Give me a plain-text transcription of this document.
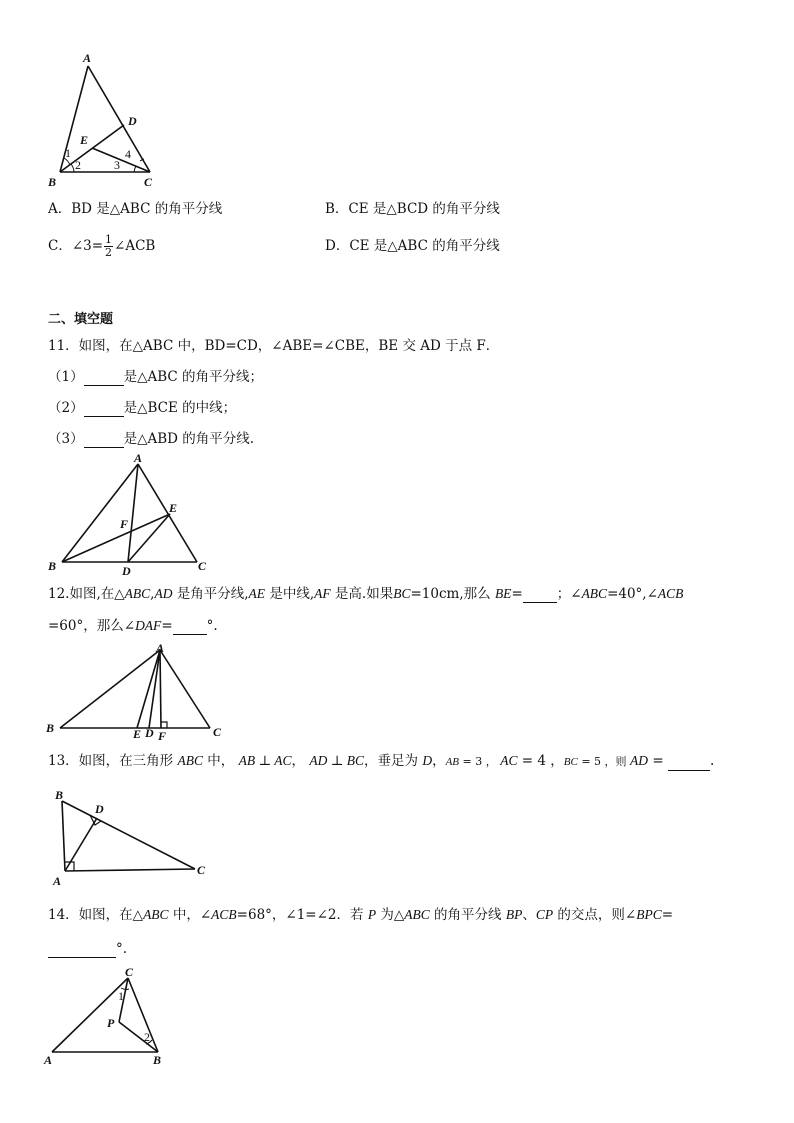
A
B	C
D
E
1
2	3
4
A．BD 是△ABC 的角平分线	B．CE 是△BCD 的角平分线
C．∠3= $\frac{1}{2}$ ∠ACB	D．CE 是△ABC 的角平分线
二、填空题
11．如图，在△ABC 中，BD=CD，∠ABE=∠CBE，BE 交 AD 于点 F．
（1）	是△ABC 的角平分线；
（2）	是△BCE 的中线；
（3）	是△ABD 的角平分线.
A
B	C
D
E
F
12.如图,在△ABC,AD 是角平分线,AE 是中线,AF 是高.如果BC=10cm,那么 BE=	；∠ABC=40°,∠ACB
=60°，那么∠DAF=	°.
A
B	C
E D F
13．如图，在三角形 ABC 中， AB ⊥ AC， AD ⊥ BC，垂足为 D，AB = 3 ， AC = 4 ，BC = 5 ，则 AD =	.
B
D
A
C
14．如图，在△ABC 中，∠ACB=68°，∠1=∠2．若 P 为△ABC 的角平分线 BP、CP 的交点，则∠BPC=
°.
C
A	B
P
1
2
